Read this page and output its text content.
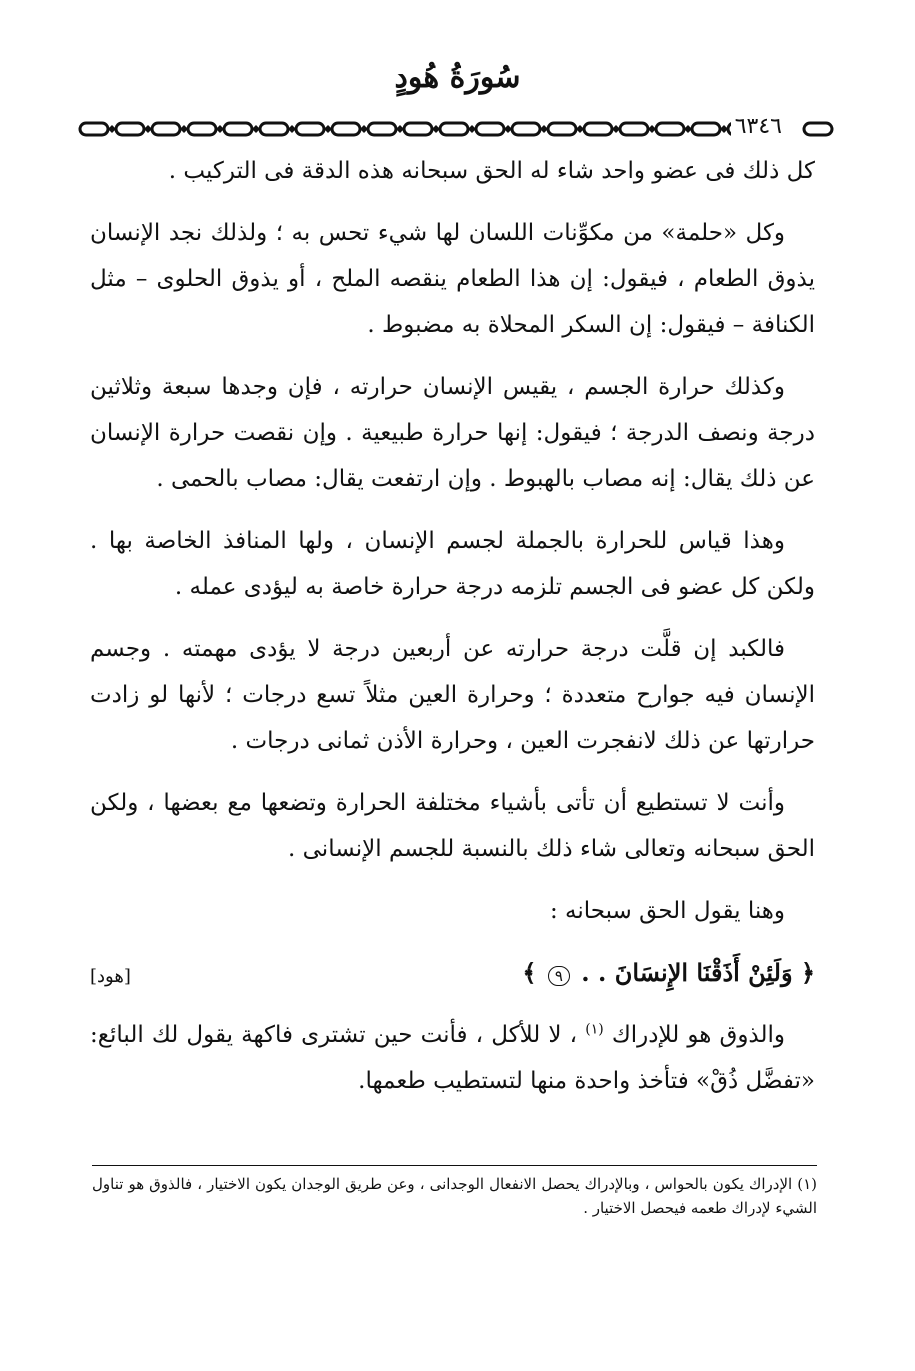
سُورَةُ هُودٍ
٦٣٤٦

كل ذلك فى عضو واحد شاء له الحق سبحانه هذه الدقة فى التركيب .

وكل «حلمة» من مكوِّنات اللسان لها شيء تحس به ؛ ولذلك نجد الإنسان يذوق الطعام ، فيقول: إن هذا الطعام ينقصه الملح ، أو يذوق الحلوى – مثل الكنافة – فيقول: إن السكر المحلاة به مضبوط .

وكذلك حرارة الجسم ، يقيس الإنسان حرارته ، فإن وجدها سبعة وثلاثين درجة ونصف الدرجة ؛ فيقول: إنها حرارة طبيعية . وإن نقصت حرارة الإنسان عن ذلك يقال: إنه مصاب بالهبوط . وإن ارتفعت يقال: مصاب بالحمى .

وهذا قياس للحرارة بالجملة لجسم الإنسان ، ولها المنافذ الخاصة بها . ولكن كل عضو فى الجسم تلزمه درجة حرارة خاصة به ليؤدى عمله .

فالكبد إن قلَّت درجة حرارته عن أربعين درجة لا يؤدى مهمته . وجسم الإنسان فيه جوارح متعددة ؛ وحرارة العين مثلاً تسع درجات ؛ لأنها لو زادت حرارتها عن ذلك لانفجرت العين ، وحرارة الأذن ثمانى درجات .

وأنت لا تستطيع أن تأتى بأشياء مختلفة الحرارة وتضعها مع بعضها ، ولكن الحق سبحانه وتعالى شاء ذلك بالنسبة للجسم الإنسانى .

وهنا يقول الحق سبحانه :

﴿ وَلَئِنْ أَذَقْنَا الإِنسَانَ . . ٩ ﴾
[هود]

والذوق هو للإدراك $^{(١)}$ ، لا للأكل ، فأنت حين تشترى فاكهة يقول لك البائع: «تفضَّل ذُقْ» فتأخذ واحدة منها لتستطيب طعمها.

(١) الإدراك يكون بالحواس ، وبالإدراك يحصل الانفعال الوجدانى ، وعن طريق الوجدان يكون الاختيار ، فالذوق هو تناول الشيء لإدراك طعمه فيحصل الاختيار .
